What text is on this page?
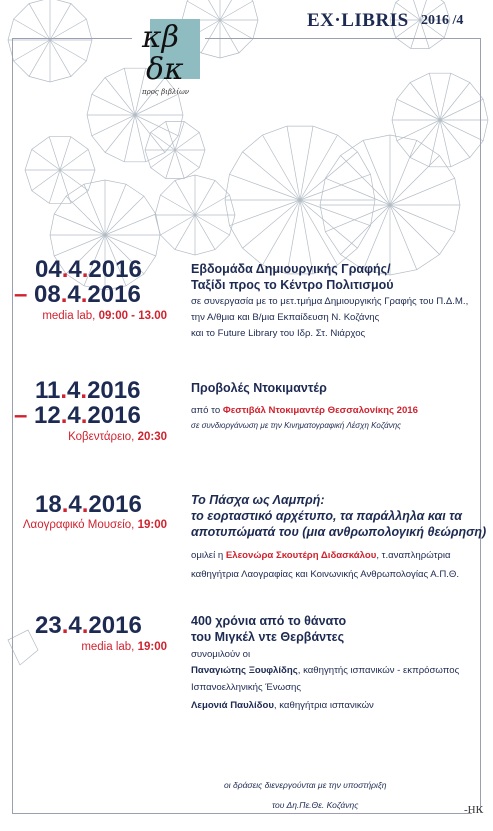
κβ
δκ
προς βιβλίων
EX·LIBRIS 2016 /4
04.4.2016
– 08.4.2016
media lab, 09:00 - 13.00
Εβδομάδα Δημιουργικής Γραφής/
Ταξίδι προς το Κέντρο Πολιτισμού
σε συνεργασία με το μετ.τμήμα Δημιουργικής Γραφής του Π.Δ.Μ.,
την Α/θμια και Β/μια Εκπαίδευση Ν. Κοζάνης
και το Future Library του Ιδρ. Στ. Νιάρχος
11.4.2016
– 12.4.2016
Κοβεντάρειο, 20:30
Προβολές Ντοκιμαντέρ
από το Φεστιβάλ Ντοκιμαντέρ Θεσσαλονίκης 2016
σε συνδιοργάνωση με την Κινηματογραφική Λέσχη Κοζάνης
18.4.2016
Λαογραφικό Μουσείο, 19:00
Το Πάσχα ως Λαμπρή:
το εορταστικό αρχέτυπο, τα παράλληλα και τα
αποτυπώματά του (μια ανθρωπολογική θεώρηση)
ομιλεί η Ελεονώρα Σκουτέρη Διδασκάλου, τ.αναπληρώτρια
καθηγήτρια Λαογραφίας και Κοινωνικής Ανθρωπολογίας Α.Π.Θ.
23.4.2016
media lab, 19:00
400 χρόνια από το θάνατο
του Μιγκέλ ντε Θερβάντες
συνομιλούν οι
Παναγιώτης Ξουφλίδης, καθηγητής ισπανικών - εκπρόσωπος
Ισπανοελληνικής Ένωσης
Λεμονιά Παυλίδου, καθηγήτρια ισπανικών
οι δράσεις διενεργούνται με την υποστήριξη
του Δη.Πε.Θε. Κοζάνης	-ΗΚ
